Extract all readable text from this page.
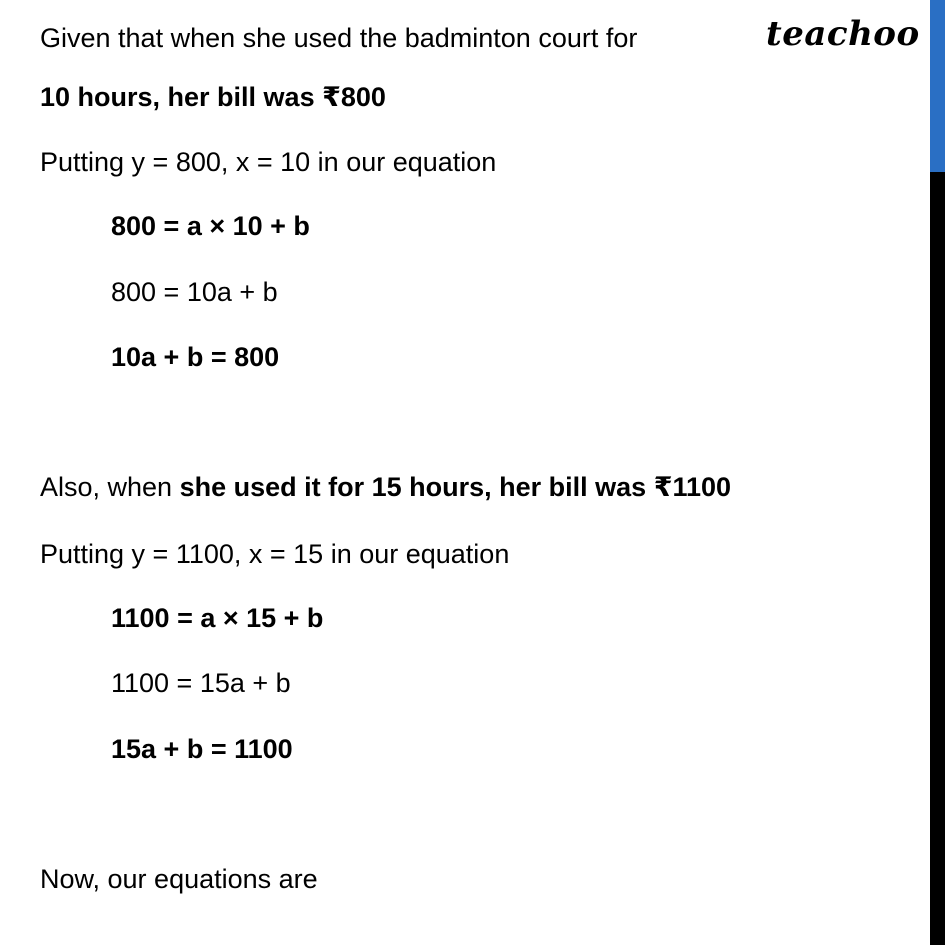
Given that when she used the badminton court for
10 hours, her bill was ₹800
Putting y = 800, x = 10 in our equation
800 = a × 10 + b
800 = 10a + b
10a + b = 800
Also, when she used it for 15 hours, her bill was ₹1100
Putting y = 1100, x = 15 in our equation
1100 = a × 15 + b
1100 = 15a + b
15a + b = 1100
Now, our equations are
teachoo
